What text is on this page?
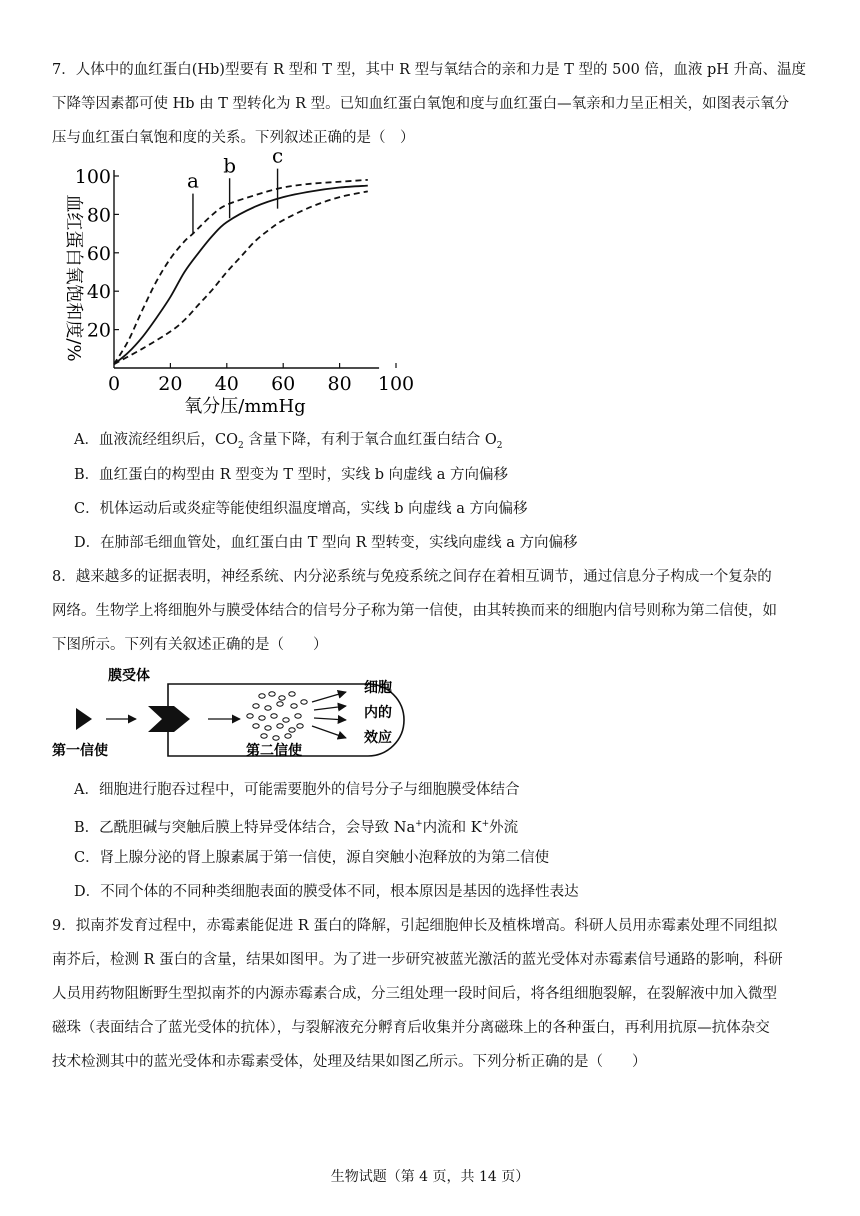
7．人体中的血红蛋白(Hb)型要有 R 型和 T 型，其中 R 型与氧结合的亲和力是 T 型的 500 倍，血液 pH 升高、温度
下降等因素都可使 Hb 由 T 型转化为 R 型。已知血红蛋白氧饱和度与血红蛋白—氧亲和力呈正相关，如图表示氧分
压与血红蛋白氧饱和度的关系。下列叙述正确的是（　）
0 20 40 60 80 100
20
40
60
80
100
氧分压/mmHg
血红蛋白氧饱和度/%
a
b c
A．血液流经组织后，$CO_2$ 含量下降，有利于氧合血红蛋白结合 $O_2$
B．血红蛋白的构型由 R 型变为 T 型时，实线 b 向虚线 a 方向偏移
C．机体运动后或炎症等能使组织温度增高，实线 b 向虚线 a 方向偏移
D．在肺部毛细血管处，血红蛋白由 T 型向 R 型转变，实线向虚线 a 方向偏移
8．越来越多的证据表明，神经系统、内分泌系统与免疫系统之间存在着相互调节，通过信息分子构成一个复杂的
网络。生物学上将细胞外与膜受体结合的信号分子称为第一信使，由其转换而来的细胞内信号则称为第二信使，如
下图所示。下列有关叙述正确的是（　　）
膜受体
第一信使	第二信使
细胞
内的
效应
A．细胞进行胞吞过程中，可能需要胞外的信号分子与细胞膜受体结合
B．乙酰胆碱与突触后膜上特异受体结合，会导致 Na+内流和 K+外流
C．肾上腺分泌的肾上腺素属于第一信使，源自突触小泡释放的为第二信使
D．不同个体的不同种类细胞表面的膜受体不同，根本原因是基因的选择性表达
9．拟南芥发育过程中，赤霉素能促进 R 蛋白的降解，引起细胞伸长及植株增高。科研人员用赤霉素处理不同组拟
南芥后，检测 R 蛋白的含量，结果如图甲。为了进一步研究被蓝光激活的蓝光受体对赤霉素信号通路的影响，科研
人员用药物阻断野生型拟南芥的内源赤霉素合成，分三组处理一段时间后，将各组细胞裂解，在裂解液中加入微型
磁珠（表面结合了蓝光受体的抗体），与裂解液充分孵育后收集并分离磁珠上的各种蛋白，再利用抗原—抗体杂交
技术检测其中的蓝光受体和赤霉素受体，处理及结果如图乙所示。下列分析正确的是（　　）
生物试题（第 4 页，共 14 页）
